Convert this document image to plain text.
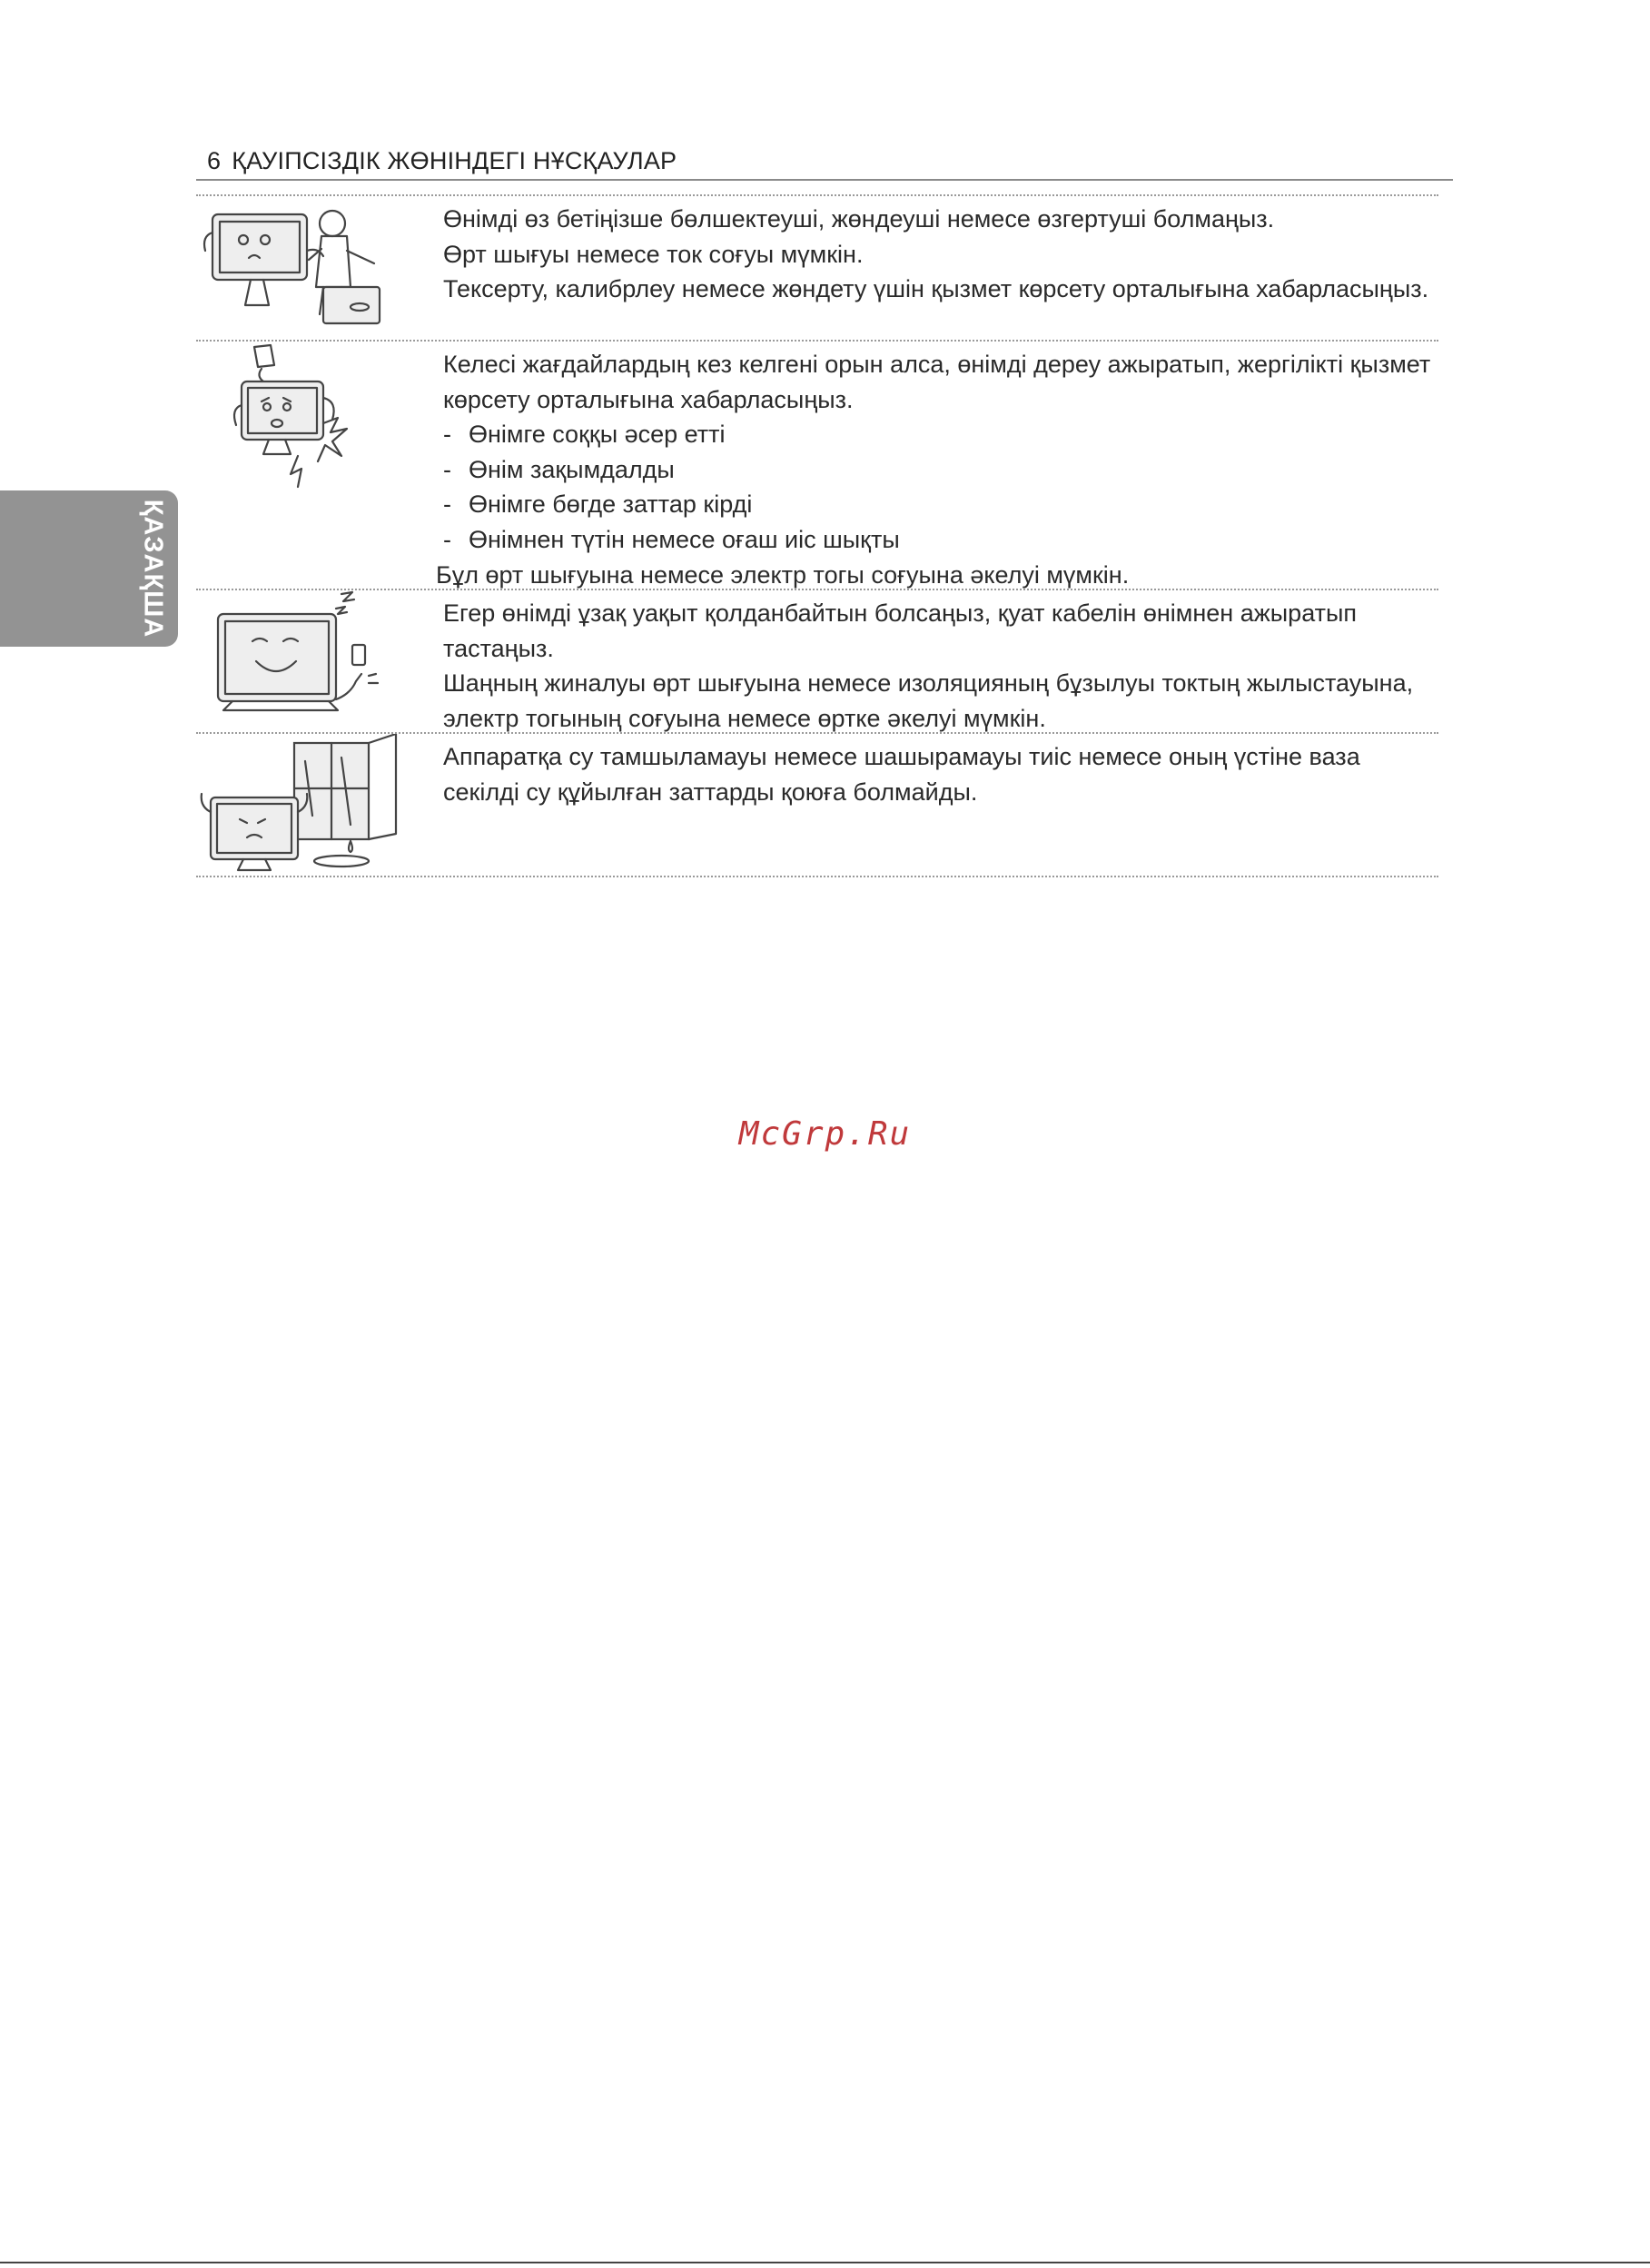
6 ҚАУІПСІЗДІК ЖӨНІНДЕГІ НҰСҚАУЛАР
ҚАЗАҚША

Өнімді өз бетіңізше бөлшектеуші, жөндеуші немесе өзгертуші болмаңыз.

Өрт шығуы немесе ток соғуы мүмкін.

Тексерту, калибрлеу немесе жөндету үшін қызмет көрсету орталығына хабарласыңыз.

Келесі жағдайлардың кез келгені орын алса, өнімді дереу ажыратып, жергілікті қызмет көрсету орталығына хабарласыңыз.

- Өнімге соққы әсер етті
- Өнім зақымдалды
- Өнімге бөгде заттар кірді
- Өнімнен түтін немесе оғаш иіс шықты

Бұл өрт шығуына немесе электр тогы соғуына әкелуі мүмкін.

Егер өнімді ұзақ уақыт қолданбайтын болсаңыз, қуат кабелін өнімнен ажыратып тастаңыз.

Шаңның жиналуы өрт шығуына немесе изоляцияның бұзылуы токтың жылыстауына, электр тогының соғуына немесе өртке әкелуі мүмкін.

Аппаратқа су тамшыламауы немесе шашырамауы тиіс немесе оның үстіне ваза секілді су құйылған заттарды қоюға болмайды.

McGrp.Ru
